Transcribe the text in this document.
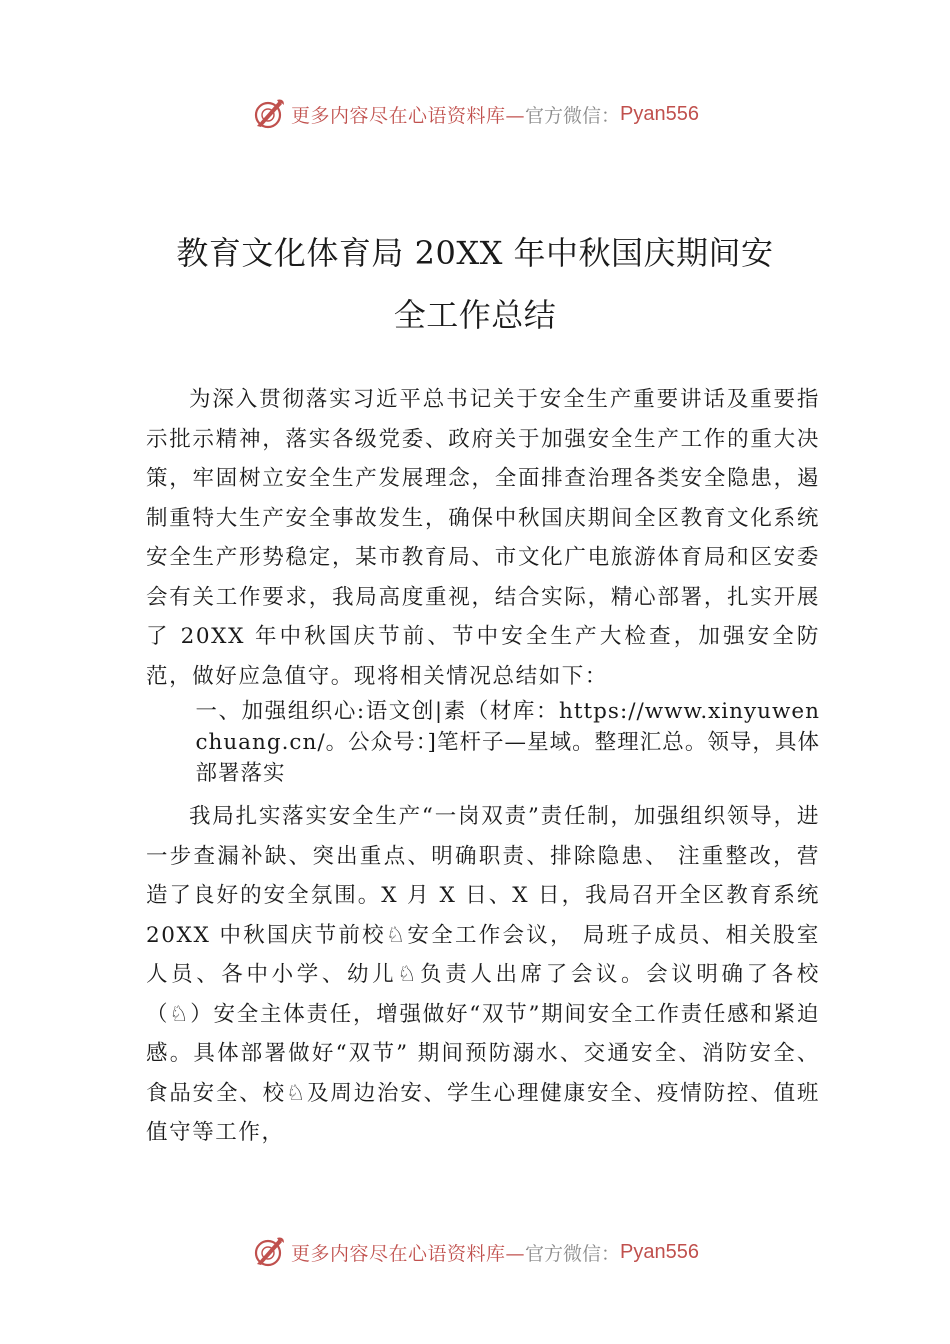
更多内容尽在心语资料库— 官方微信： Pyan556
教育文化体育局 20XX 年中秋国庆期间安
全工作总结

为深入贯彻落实习近平总书记关于安全生产重要讲话及重要指示批示精神，落实各级党委、政府关于加强安全生产工作的重大决策，牢固树立安全生产发展理念，全面排查治理各类安全隐患，遏制重特大生产安全事故发生，确保中秋国庆期间全区教育文化系统安全生产形势稳定，某市教育局、市文化广电旅游体育局和区安委会有关工作要求，我局高度重视，结合实际，精心部署，扎实开展了 20XX 年中秋国庆节前、节中安全生产大检查，加强安全防范，做好应急值守。现将相关情况总结如下：

一、加强组织心:语文创|素（材库：https://www.xinyuwenchuang.cn/。公众号：]笔杆子—星域。整理汇总。领导，具体部署落实

我局扎实落实安全生产“一岗双责”责任制，加强组织领导，进一步查漏补缺、突出重点、明确职责、排除隐患、 注重整改，营造了良好的安全氛围。X 月 X 日、X 日，我局召开全区教育系统 20XX 中秋国庆节前校♘安全工作会议， 局班子成员、相关股室人员、各中小学、幼儿♘负责人出席了会议。会议明确了各校（♘）安全主体责任，增强做好“双节”期间安全工作责任感和紧迫感。具体部署做好“双节” 期间预防溺水、交通安全、消防安全、食品安全、校♘及周边治安、学生心理健康安全、疫情防控、值班值守等工作，

更多内容尽在心语资料库— 官方微信： Pyan556
